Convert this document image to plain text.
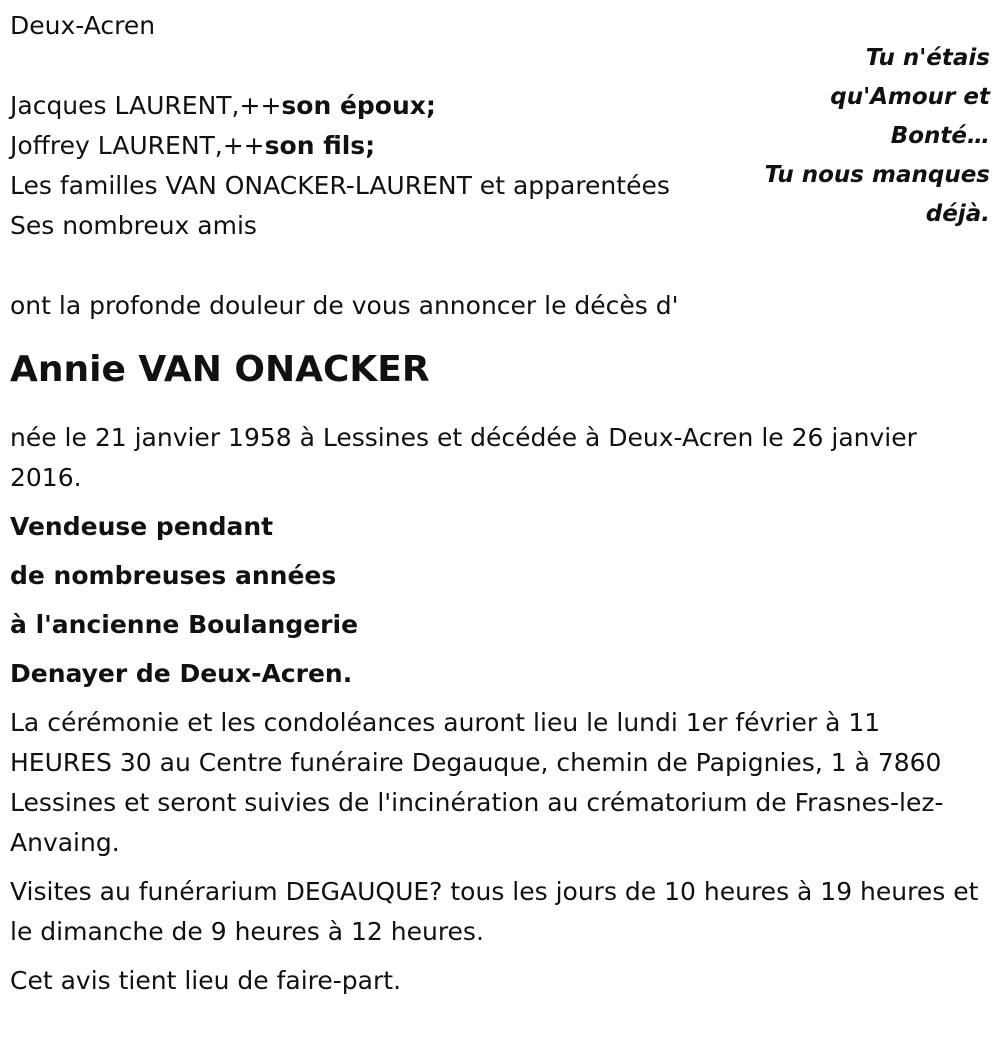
Deux-Acren
Jacques LAURENT,++son époux;
Joffrey LAURENT,++son fils;
Les familles VAN ONACKER-LAURENT et apparentées
Ses nombreux amis
ont la profonde douleur de vous annoncer le décès d'
Annie VAN ONACKER
née le 21 janvier 1958 à Lessines et décédée à Deux-Acren le 26 janvier 2016.
Vendeuse pendant
de nombreuses années
à l'ancienne Boulangerie
Denayer de Deux-Acren.
La cérémonie et les condoléances auront lieu le lundi 1er février à 11 HEURES 30 au Centre funéraire Degauque, chemin de Papignies, 1 à 7860 Lessines et seront suivies de l'incinération au crématorium de Frasnes-lez-Anvaing.
Visites au funérarium DEGAUQUE? tous les jours de 10 heures à 19 heures et le dimanche de 9 heures à 12 heures.
Cet avis tient lieu de faire-part.
Tu n'étais
qu'Amour et
Bonté…
Tu nous manques
déjà.
